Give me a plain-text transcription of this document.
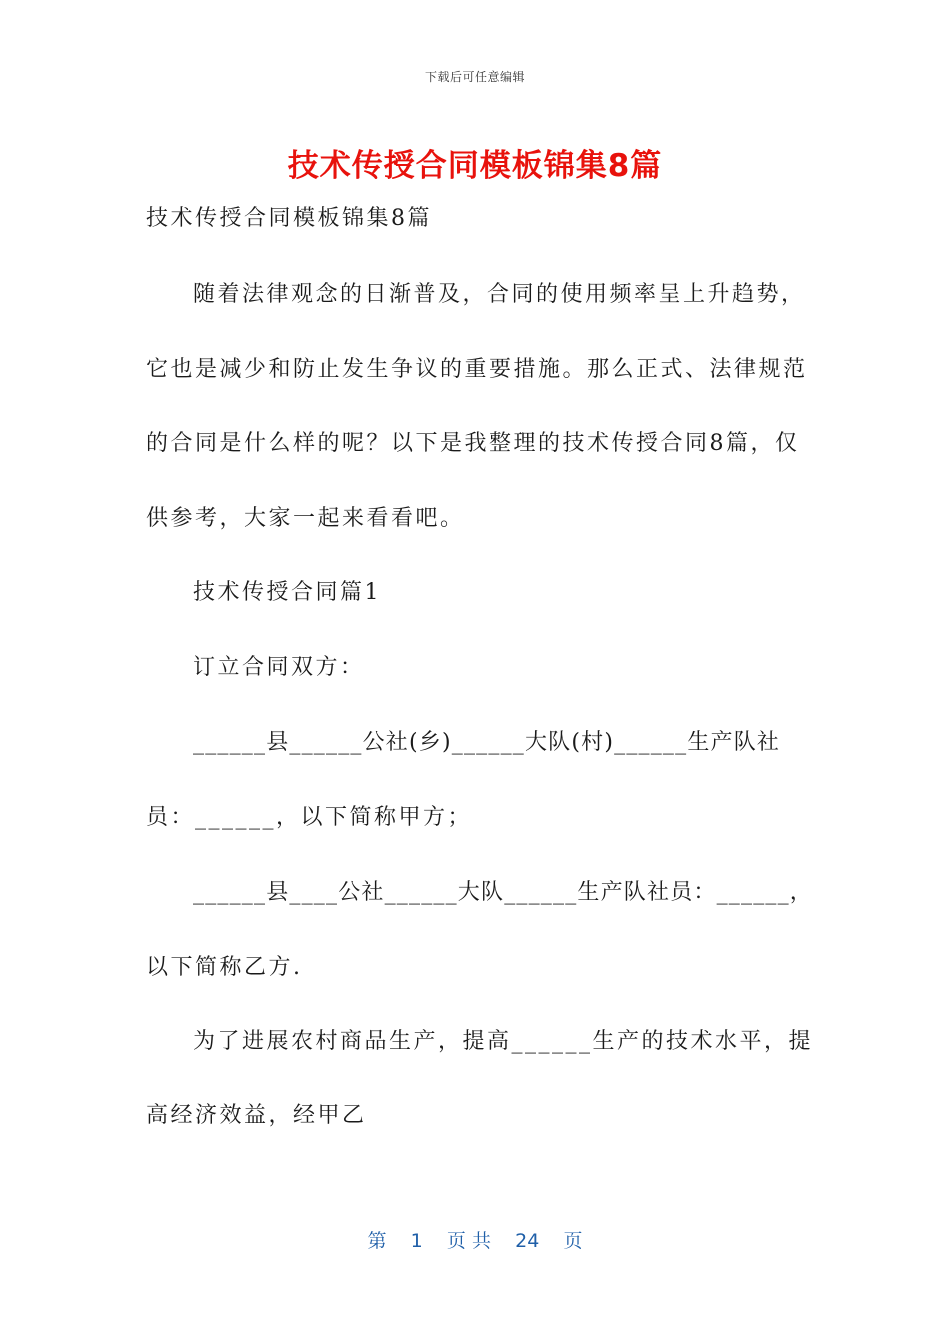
下载后可任意编辑
技术传授合同模板锦集8篇
技术传授合同模板锦集8篇
随着法律观念的日渐普及，合同的使用频率呈上升趋势，
它也是减少和防止发生争议的重要措施。那么正式、法律规范
的合同是什么样的呢？以下是我整理的技术传授合同8篇，仅
供参考，大家一起来看看吧。
技术传授合同篇1
订立合同双方：
______县______公社(乡)______大队(村)______生产队社
员：______，以下简称甲方；
______县____公社______大队______生产队社员：______，
以下简称乙方.
为了进展农村商品生产，提高______生产的技术水平，提
高经济效益，经甲乙
第 1 页 共 24 页
